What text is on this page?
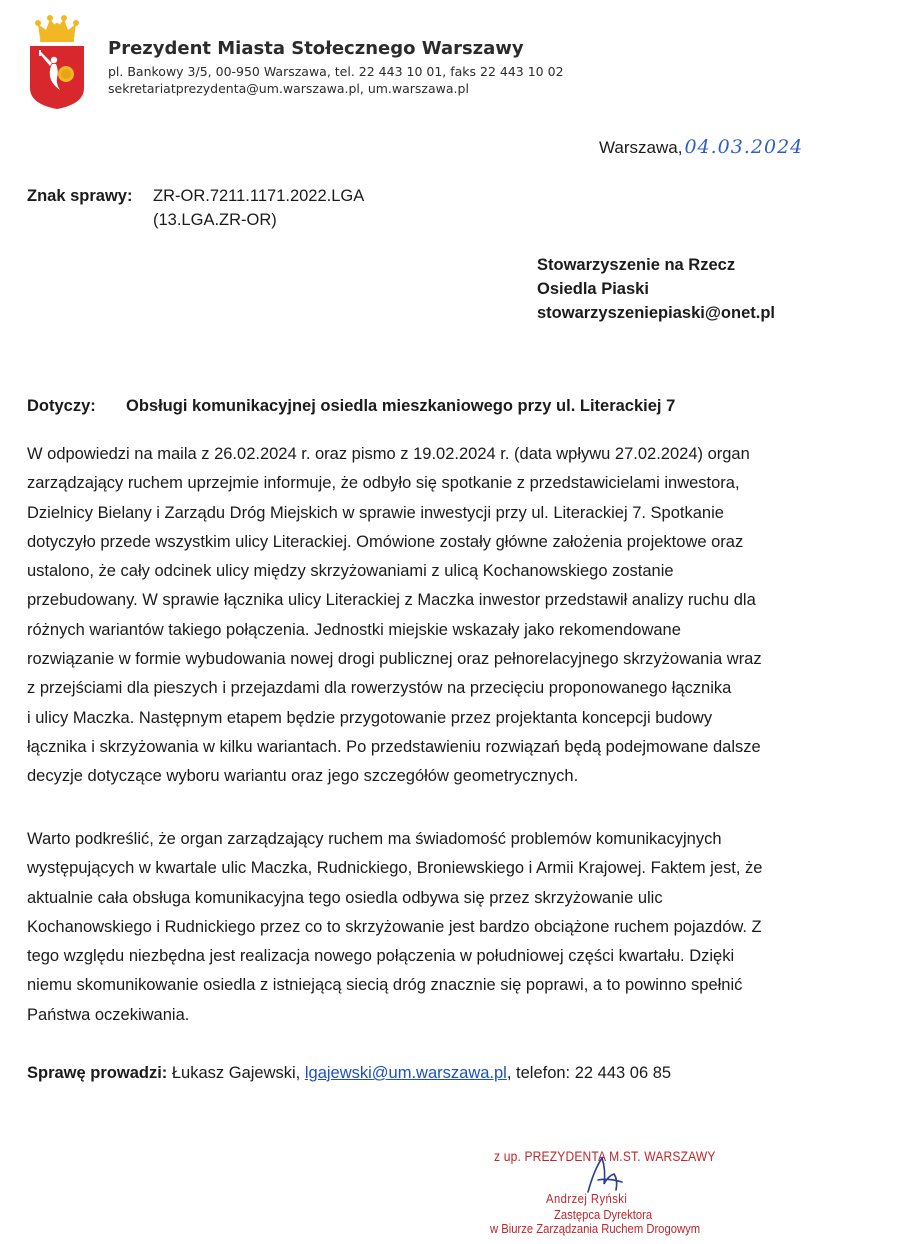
Prezydent Miasta Stołecznego Warszawy
pl. Bankowy 3/5, 00-950 Warszawa, tel. 22 443 10 01, faks 22 443 10 02
sekretariatprezydenta@um.warszawa.pl, um.warszawa.pl
Warszawa, 04.03.2024
Znak sprawy: ZR-OR.7211.1171.2022.LGA
(13.LGA.ZR-OR)
Stowarzyszenie na Rzecz
Osiedla Piaski
stowarzyszeniepiaski@onet.pl
Dotyczy: Obsługi komunikacyjnej osiedla mieszkaniowego przy ul. Literackiej 7
W odpowiedzi na maila z 26.02.2024 r. oraz pismo z 19.02.2024 r. (data wpływu 27.02.2024) organ
zarządzający ruchem uprzejmie informuje, że odbyło się spotkanie z przedstawicielami inwestora,
Dzielnicy Bielany i Zarządu Dróg Miejskich w sprawie inwestycji przy ul. Literackiej 7. Spotkanie
dotyczyło przede wszystkim ulicy Literackiej. Omówione zostały główne założenia projektowe oraz
ustalono, że cały odcinek ulicy między skrzyżowaniami z ulicą Kochanowskiego zostanie
przebudowany. W sprawie łącznika ulicy Literackiej z Maczka inwestor przedstawił analizy ruchu dla
różnych wariantów takiego połączenia. Jednostki miejskie wskazały jako rekomendowane
rozwiązanie w formie wybudowania nowej drogi publicznej oraz pełnorelacyjnego skrzyżowania wraz
z przejściami dla pieszych i przejazdami dla rowerzystów na przecięciu proponowanego łącznika
i ulicy Maczka. Następnym etapem będzie przygotowanie przez projektanta koncepcji budowy
łącznika i skrzyżowania w kilku wariantach. Po przedstawieniu rozwiązań będą podejmowane dalsze
decyzje dotyczące wyboru wariantu oraz jego szczegółów geometrycznych.
Warto podkreślić, że organ zarządzający ruchem ma świadomość problemów komunikacyjnych
występujących w kwartale ulic Maczka, Rudnickiego, Broniewskiego i Armii Krajowej. Faktem jest, że
aktualnie cała obsługa komunikacyjna tego osiedla odbywa się przez skrzyżowanie ulic
Kochanowskiego i Rudnickiego przez co to skrzyżowanie jest bardzo obciążone ruchem pojazdów. Z
tego względu niezbędna jest realizacja nowego połączenia w południowej części kwartału. Dzięki
niemu skomunikowanie osiedla z istniejącą siecią dróg znacznie się poprawi, a to powinno spełnić
Państwa oczekiwania.
Sprawę prowadzi: Łukasz Gajewski, lgajewski@um.warszawa.pl, telefon: 22 443 06 85
z up. PREZYDENTA M.ST. WARSZAWY
Andrzej Ryński
Zastępca Dyrektora
w Biurze Zarządzania Ruchem Drogowym
